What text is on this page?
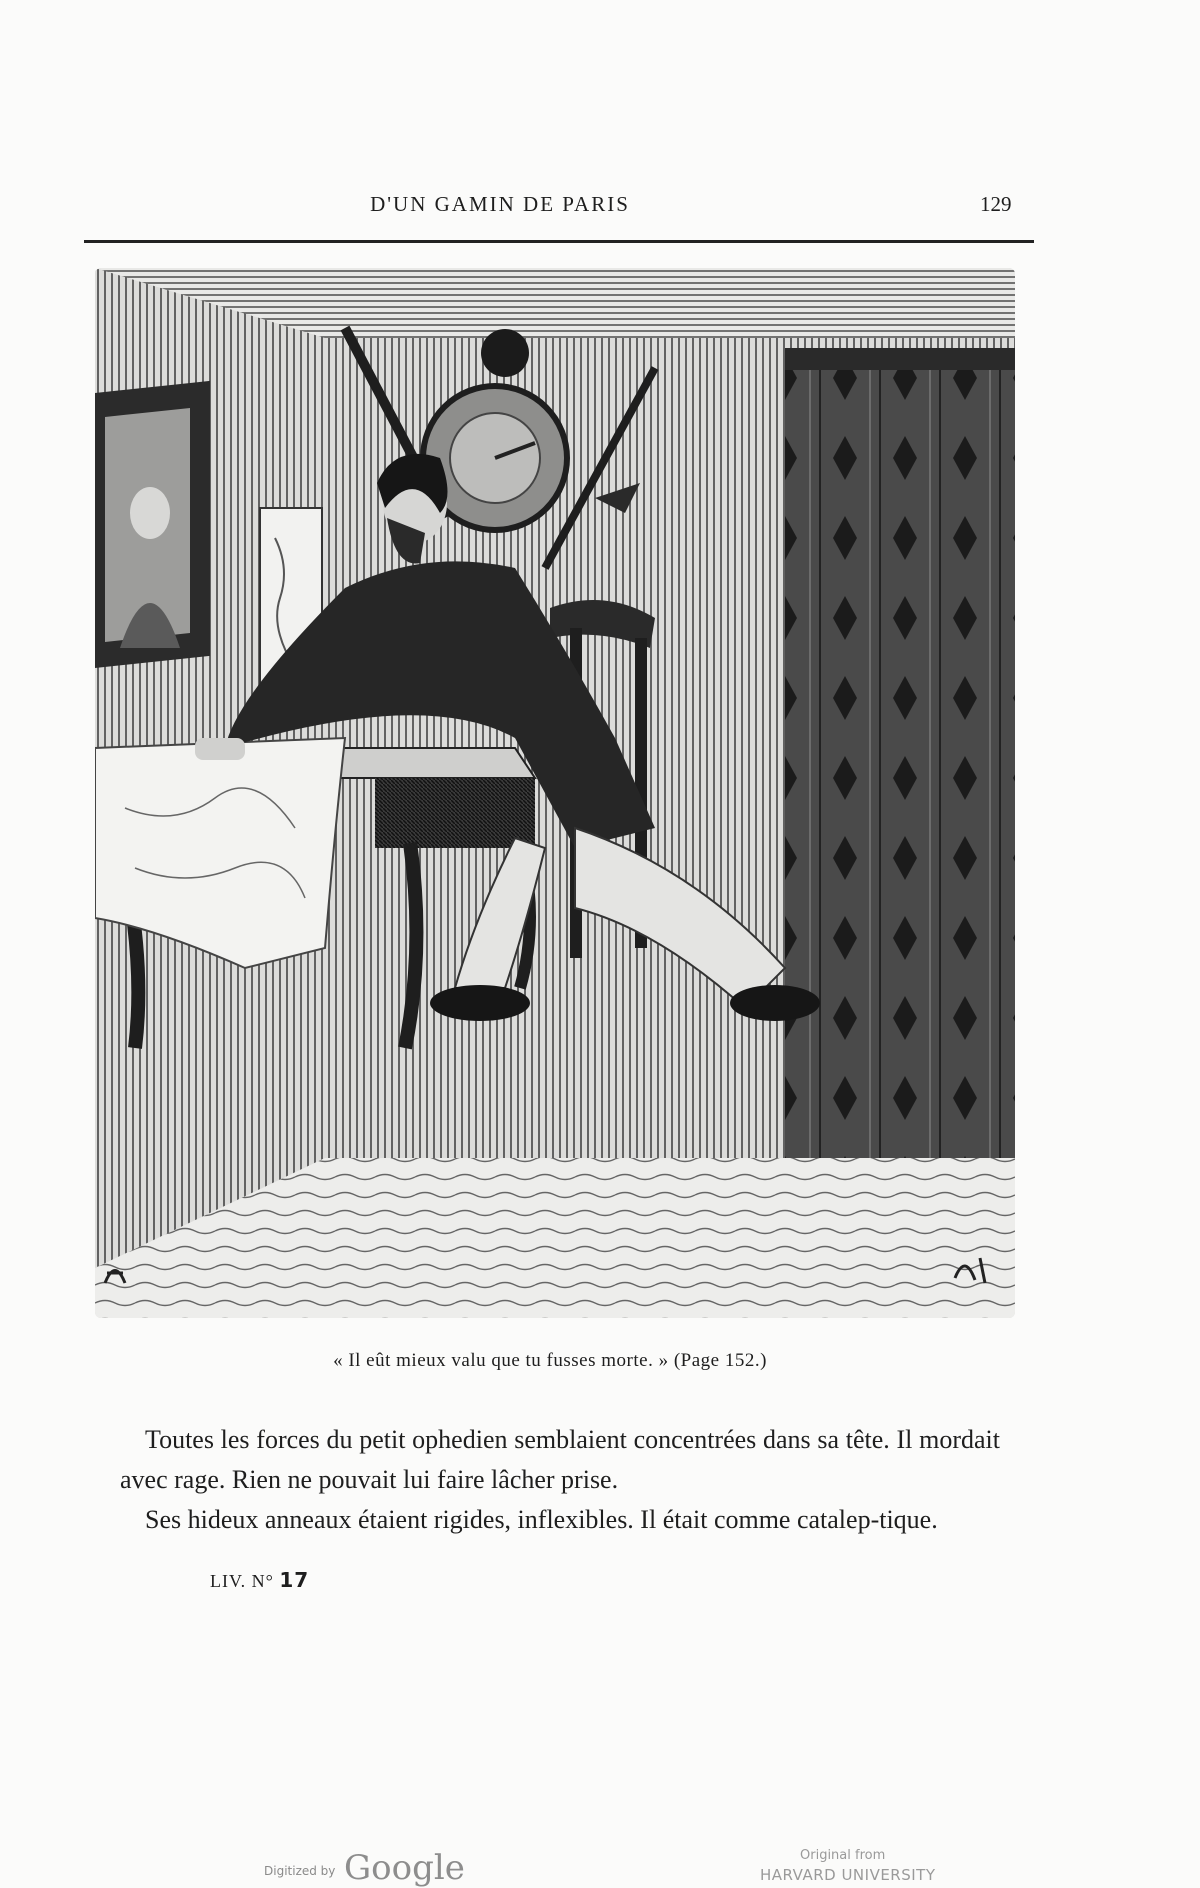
D'UN GAMIN DE PARIS	129
« Il eût mieux valu que tu fusses morte. » (Page 152.)

Toutes les forces du petit ophedien semblaient concentrées dans sa tête. Il mordait avec rage. Rien ne pouvait lui faire lâcher prise.

Ses hideux anneaux étaient rigides, inflexibles. Il était comme catalep-tique.

LIV. N° 17
Digitized by Google	Original from
HARVARD UNIVERSITY
